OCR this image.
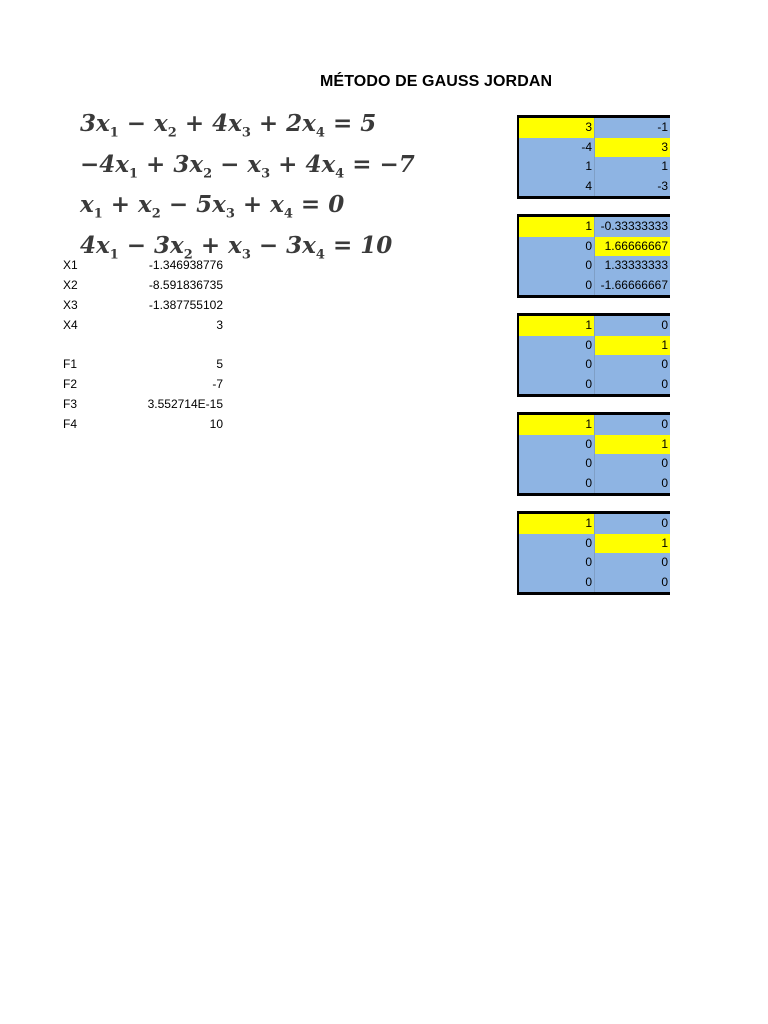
MÉTODO DE GAUSS JORDAN
$3x_1 - x_2 + 4x_3 + 2x_4 = 5$
$-4x_1 + 3x_2 - x_3 + 4x_4 = -7$
$x_1 + x_2 - 5x_3 + x_4 = 0$
$4x_1 - 3x_2 + x_3 - 3x_4 = 10$
X1	-1.346938776
X2	-8.591836735
X3	-1.387755102
X4	3
F1	5
F2	-7
F3	3.552714E-15
F4	10
3	-1
-4	3
1	1
4	-3
1 -0.33333333
0	1.66666667
0	1.33333333
0 -1.66666667
1	0
0	1
0	0
0	0
1	0
0	1
0	0
0	0
1	0
0	1
0	0
0	0
